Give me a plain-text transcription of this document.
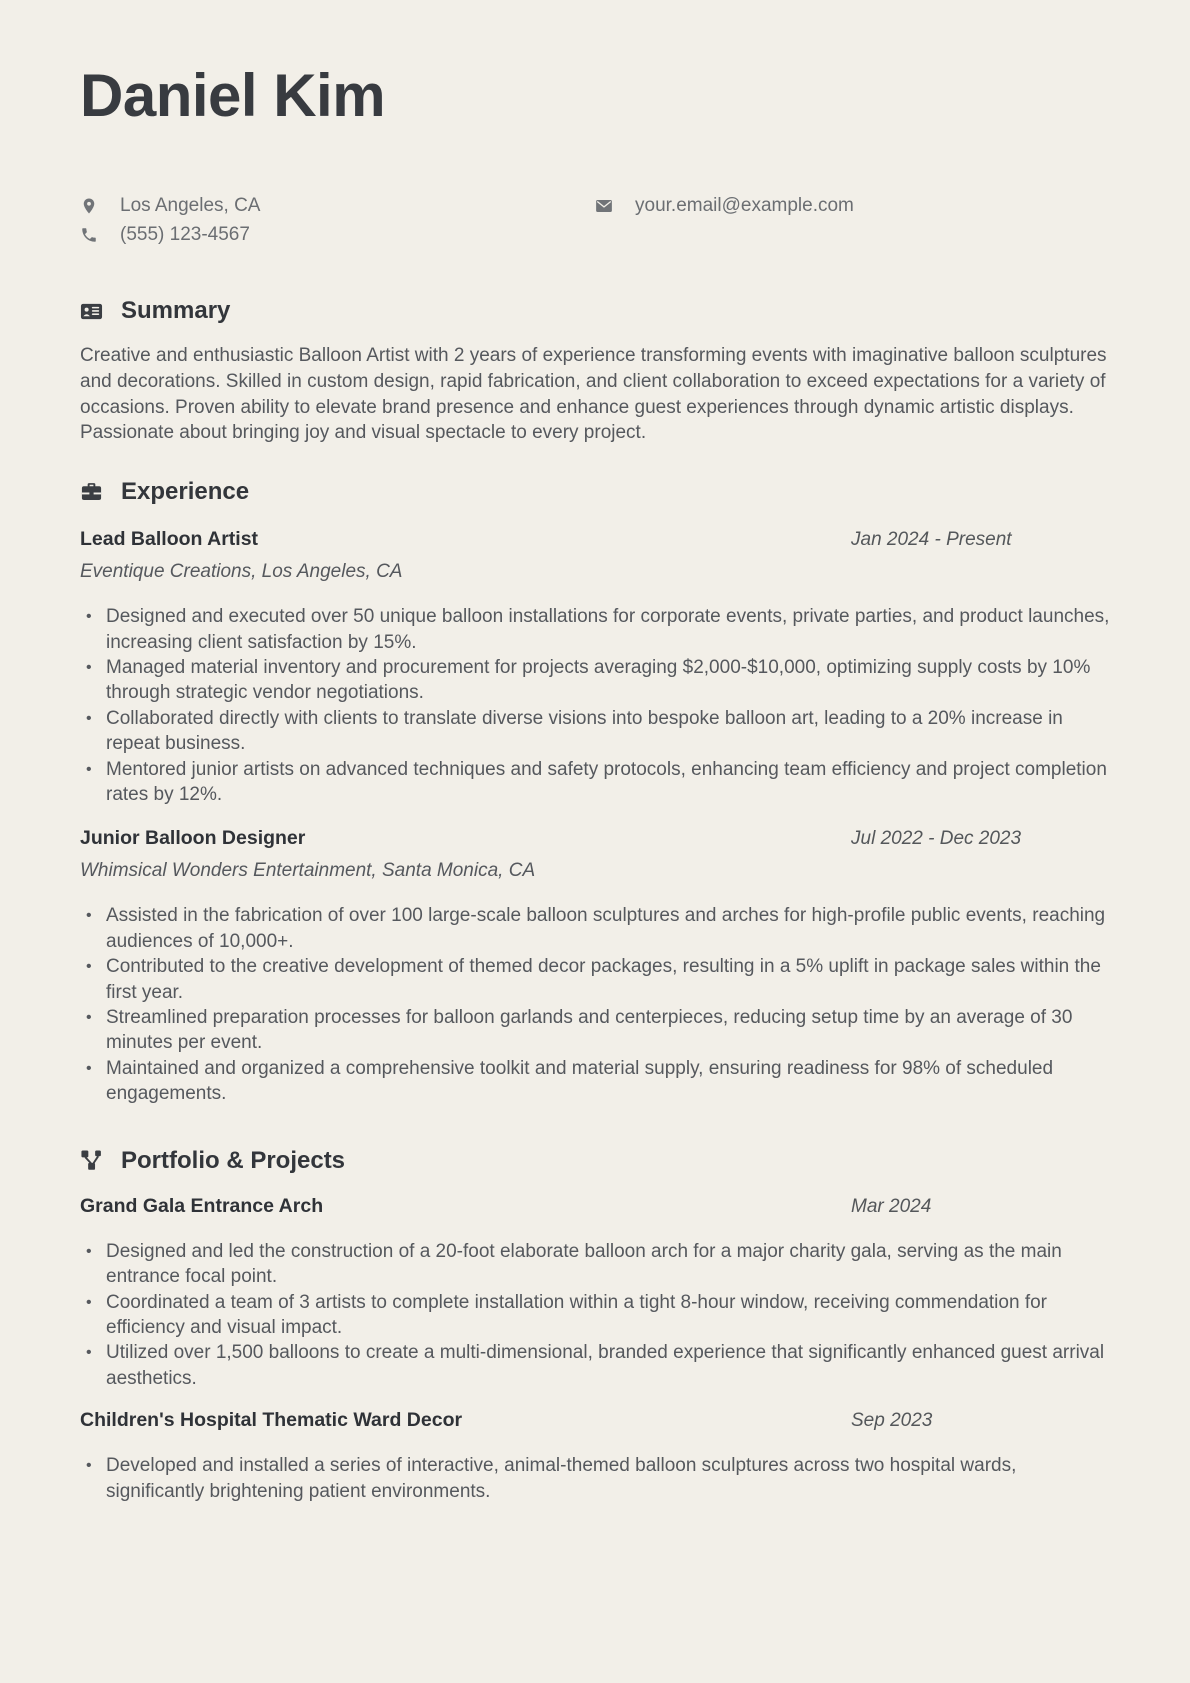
Daniel Kim
Los Angeles, CA
(555) 123-4567
your.email@example.com
Summary

Creative and enthusiastic Balloon Artist with 2 years of experience transforming events with imaginative balloon sculptures and decorations. Skilled in custom design, rapid fabrication, and client collaboration to exceed expectations for a variety of occasions. Proven ability to elevate brand presence and enhance guest experiences through dynamic artistic displays. Passionate about bringing joy and visual spectacle to every project.

Experience
Lead Balloon Artist	Jan 2024 - Present
Eventique Creations, Los Angeles, CA
• Designed and executed over 50 unique balloon installations for corporate events, private parties, and product launches, increasing client satisfaction by 15%.
• Managed material inventory and procurement for projects averaging $2,000-$10,000, optimizing supply costs by 10% through strategic vendor negotiations.
• Collaborated directly with clients to translate diverse visions into bespoke balloon art, leading to a 20% increase in repeat business.
• Mentored junior artists on advanced techniques and safety protocols, enhancing team efficiency and project completion rates by 12%.
Junior Balloon Designer	Jul 2022 - Dec 2023
Whimsical Wonders Entertainment, Santa Monica, CA
• Assisted in the fabrication of over 100 large-scale balloon sculptures and arches for high-profile public events, reaching audiences of 10,000+.
• Contributed to the creative development of themed decor packages, resulting in a 5% uplift in package sales within the first year.
• Streamlined preparation processes for balloon garlands and centerpieces, reducing setup time by an average of 30 minutes per event.
• Maintained and organized a comprehensive toolkit and material supply, ensuring readiness for 98% of scheduled engagements.
Portfolio & Projects
Grand Gala Entrance Arch	Mar 2024
• Designed and led the construction of a 20-foot elaborate balloon arch for a major charity gala, serving as the main entrance focal point.
• Coordinated a team of 3 artists to complete installation within a tight 8-hour window, receiving commendation for efficiency and visual impact.
• Utilized over 1,500 balloons to create a multi-dimensional, branded experience that significantly enhanced guest arrival aesthetics.
Children's Hospital Thematic Ward Decor	Sep 2023
• Developed and installed a series of interactive, animal-themed balloon sculptures across two hospital wards, significantly brightening patient environments.
